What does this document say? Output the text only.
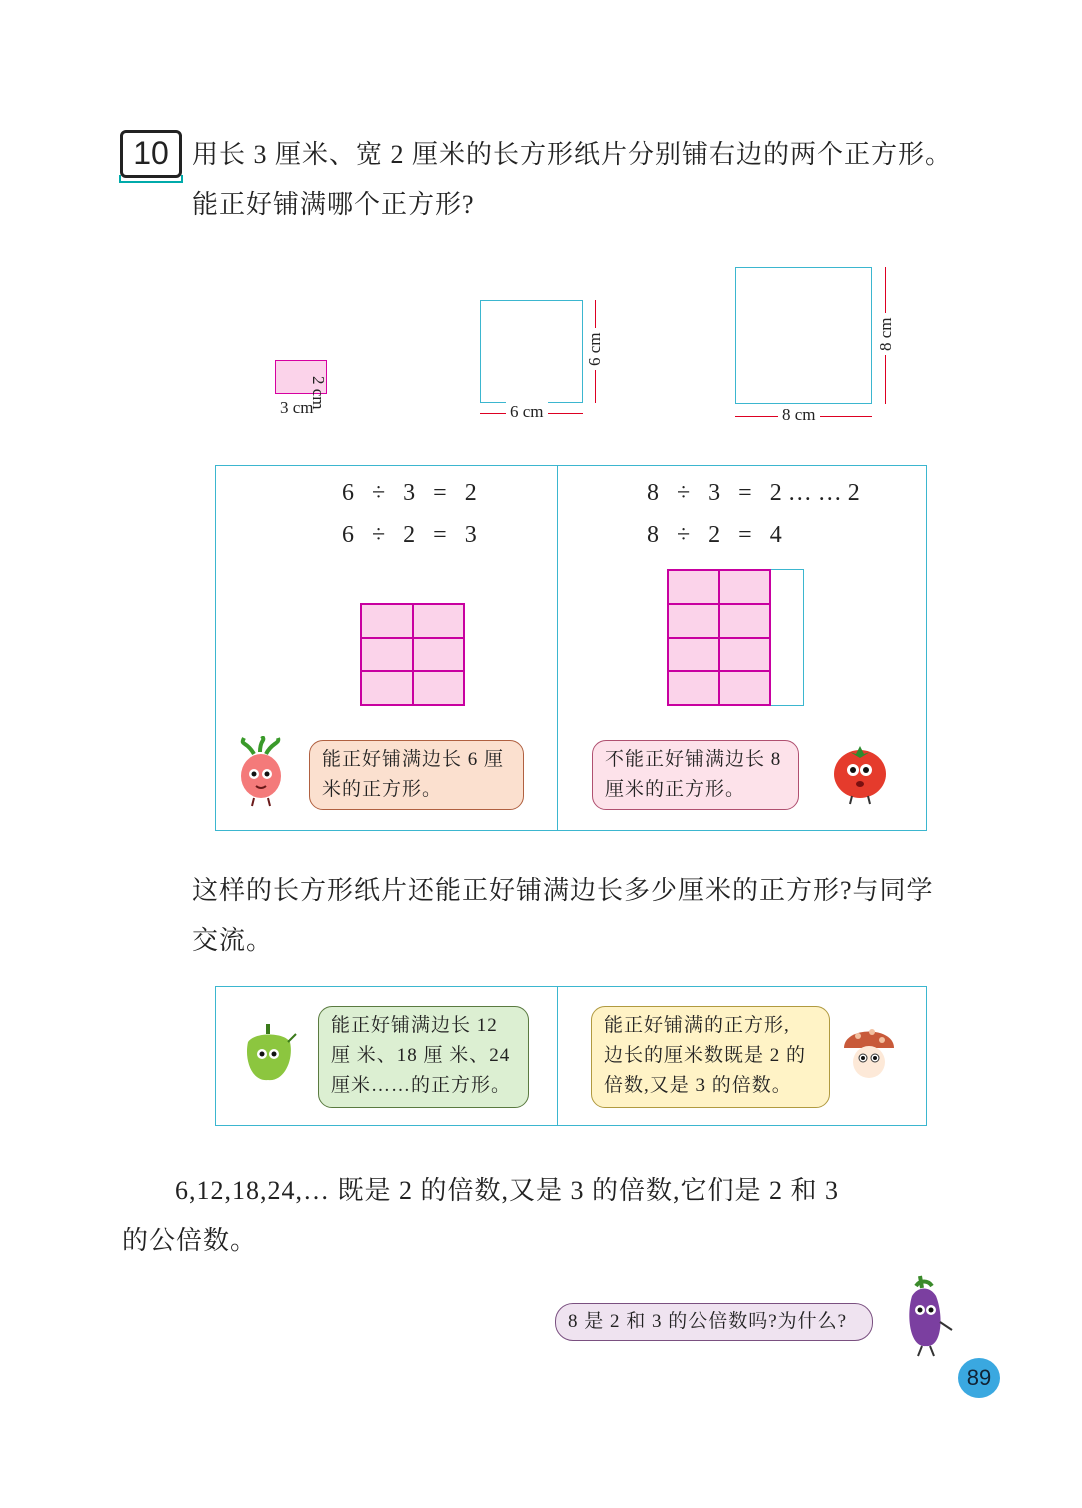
10 用长 3 厘米、宽 2 厘米的长方形纸片分别铺右边的两个正方形。
能正好铺满哪个正方形?
3 cm
2 cm
6 cm
6 cm
8 cm
8 cm
6 ÷ 3 = 2
6 ÷ 2 = 3
8 ÷ 3 = 2……2
8 ÷ 2 = 4
能正好铺满边长 6 厘
米的正方形。
不能正好铺满边长 8
厘米的正方形。
这样的长方形纸片还能正好铺满边长多少厘米的正方形?与同学
交流。
能正好铺满边长 12
厘 米、18 厘 米、24
厘米……的正方形。
能正好铺满的正方形,
边长的厘米数既是 2 的
倍数,又是 3 的倍数。
6,12,18,24,… 既是 2 的倍数,又是 3 的倍数,它们是 2 和 3
的公倍数。
8 是 2 和 3 的公倍数吗?为什么?
89
